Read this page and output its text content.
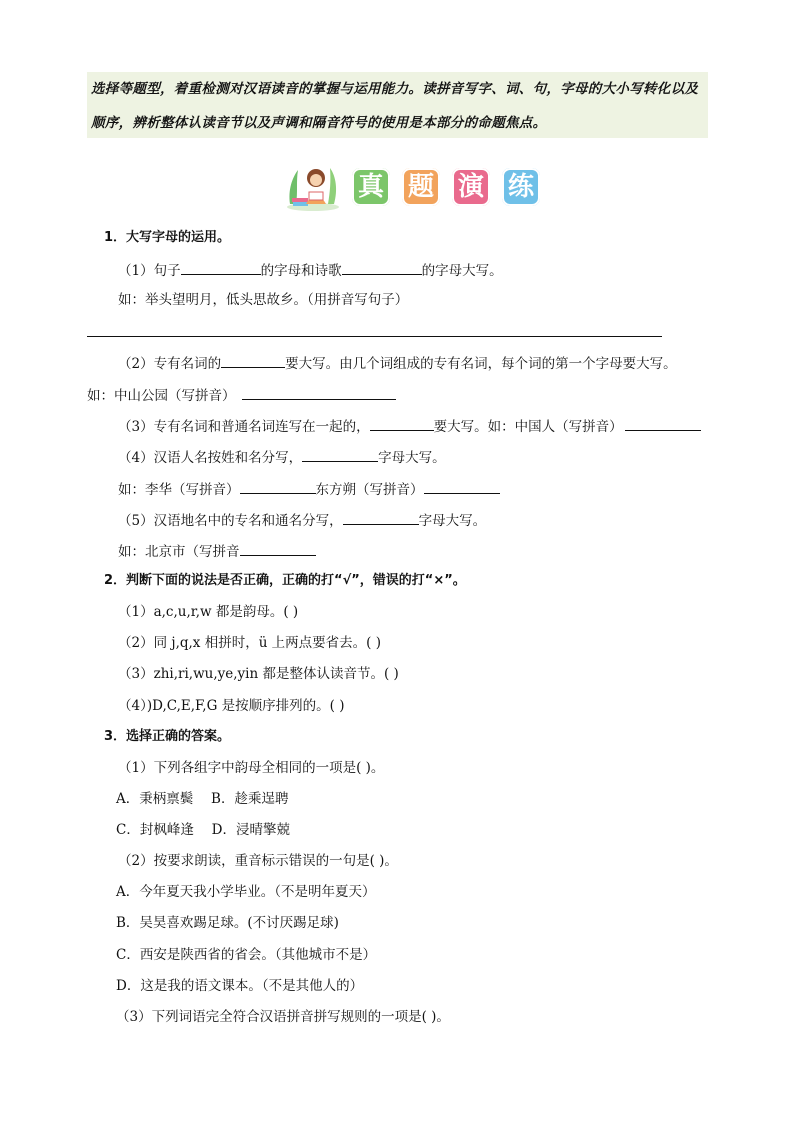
选择等题型，着重检测对汉语读音的掌握与运用能力。读拼音写字、词、句，字母的大小写转化以及
顺序，辨析整体认读音节以及声调和隔音符号的使用是本部分的命题焦点。
真 题 演 练
1．大写字母的运用。
（1）句子	的字母和诗歌	的字母大写。
如：举头望明月，低头思故乡。（用拼音写句子）
（2）专有名词的	要大写。由几个词组成的专有名词，每个词的第一个字母要大写。
如：中山公园（写拼音）
（3）专有名词和普通名词连写在一起的，	要大写。如：中国人（写拼音）
（4）汉语人名按姓和名分写，	字母大写。
如：李华（写拼音）	东方朔（写拼音）
（5）汉语地名中的专名和通名分写，	字母大写。
如：北京市（写拼音
2．判断下面的说法是否正确，正确的打“√”，错误的打“×”。
（1）a,c,u,r,w 都是韵母。( )
（2）同 j,q,x 相拼时，ü 上两点要省去。( )
（3）zhi,ri,wu,ye,yin 都是整体认读音节。( )
（4）)D,C,E,F,G 是按顺序排列的。( )
3．选择正确的答案。
（1）下列各组字中韵母全相同的一项是( )。
A．秉柄禀鬓　 B．趁乘逞聘
C．封枫峰逢　 D．浸晴擎兢
（2）按要求朗读，重音标示错误的一句是( )。
A．今年夏天我小学毕业。（不是明年夏天）
B．吴昊喜欢踢足球。(不讨厌踢足球)
C．西安是陕西省的省会。（其他城市不是）
D．这是我的语文课本。（不是其他人的）
（3）下列词语完全符合汉语拼音拼写规则的一项是( )。
